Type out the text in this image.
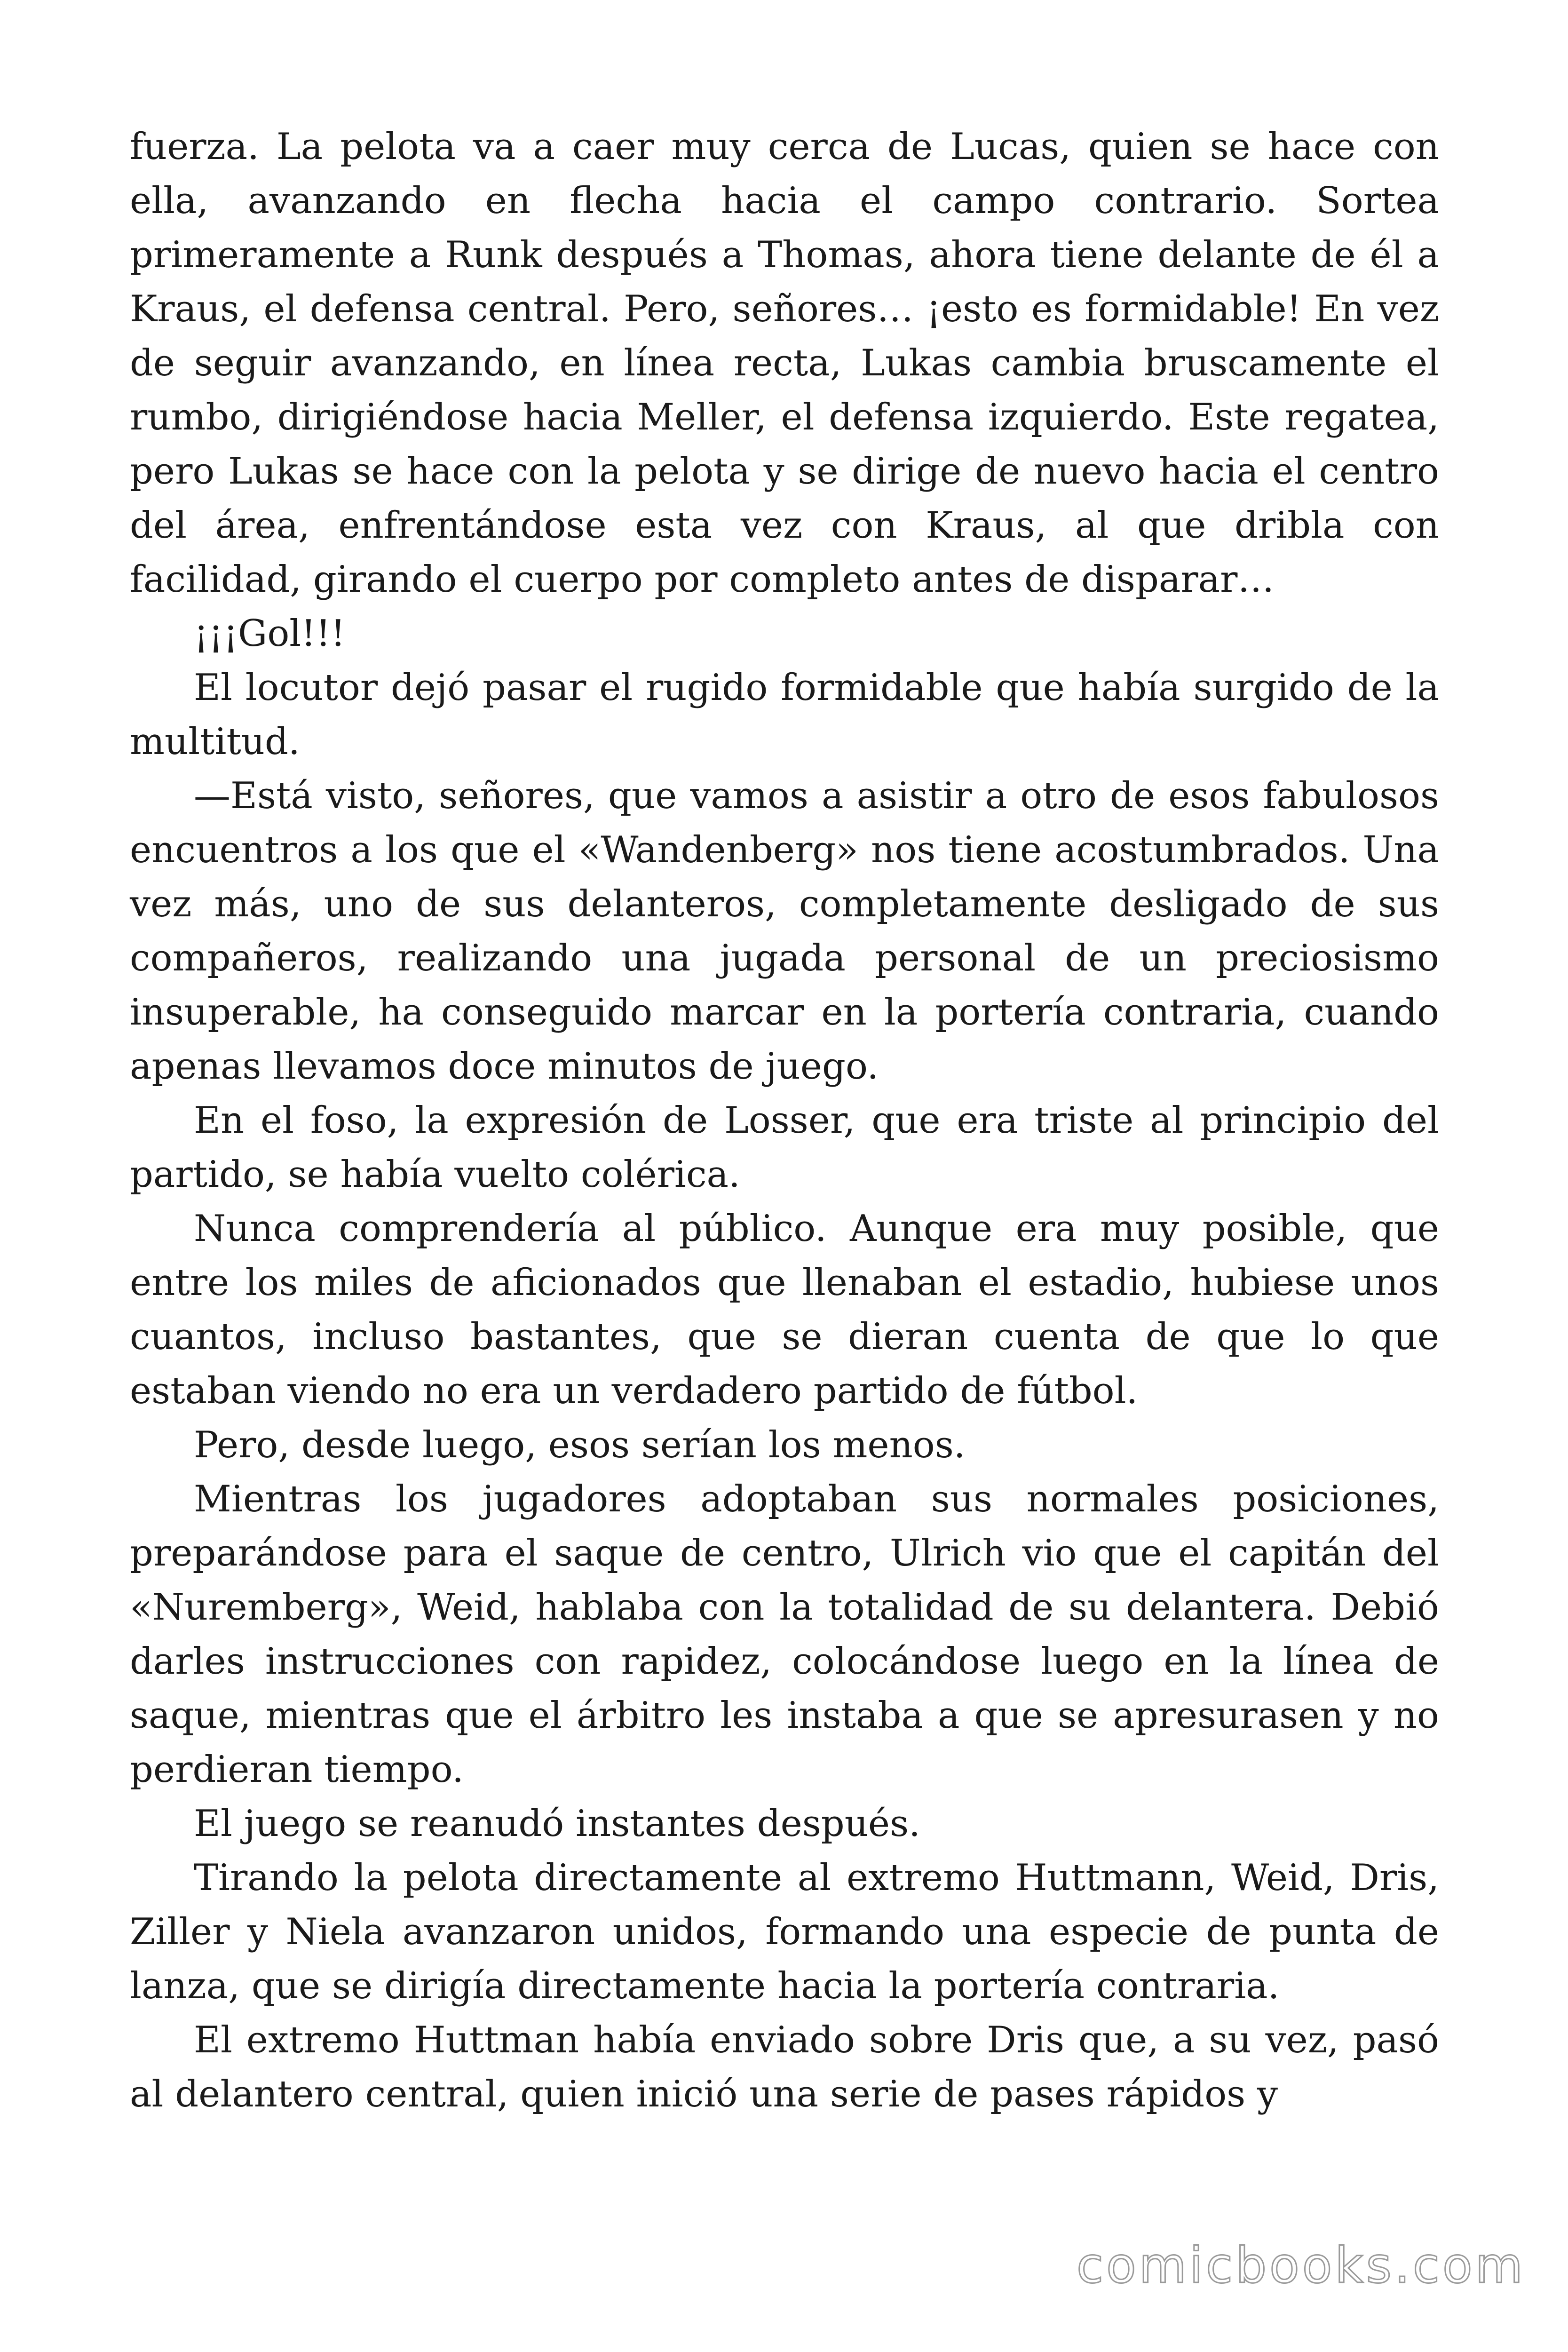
fuerza. La pelota va a caer muy cerca de Lucas, quien se hace con ella, avanzando en flecha hacia el campo contrario. Sortea primeramente a Runk después a Thomas, ahora tiene delante de él a Kraus, el defensa central. Pero, señores… ¡esto es formidable! En vez de seguir avanzando, en línea recta, Lukas cambia bruscamente el rumbo, dirigiéndose hacia Meller, el defensa izquierdo. Este regatea, pero Lukas se hace con la pelota y se dirige de nuevo hacia el centro del área, enfrentándose esta vez con Kraus, al que dribla con facilidad, girando el cuerpo por completo antes de disparar…

¡¡¡Gol!!!

El locutor dejó pasar el rugido formidable que había surgido de la multitud.

—Está visto, señores, que vamos a asistir a otro de esos fabulosos encuentros a los que el «Wandenberg» nos tiene acostumbrados. Una vez más, uno de sus delanteros, completamente desligado de sus compañeros, realizando una jugada personal de un preciosismo insuperable, ha conseguido marcar en la portería contraria, cuando apenas llevamos doce minutos de juego.

En el foso, la expresión de Losser, que era triste al principio del partido, se había vuelto colérica.

Nunca comprendería al público. Aunque era muy posible, que entre los miles de aficionados que llenaban el estadio, hubiese unos cuantos, incluso bastantes, que se dieran cuenta de que lo que estaban viendo no era un verdadero partido de fútbol.

Pero, desde luego, esos serían los menos.

Mientras los jugadores adoptaban sus normales posiciones, preparándose para el saque de centro, Ulrich vio que el capitán del «Nuremberg», Weid, hablaba con la totalidad de su delantera. Debió darles instrucciones con rapidez, colocándose luego en la línea de saque, mientras que el árbitro les instaba a que se apresurasen y no perdieran tiempo.

El juego se reanudó instantes después.

Tirando la pelota directamente al extremo Huttmann, Weid, Dris, Ziller y Niela avanzaron unidos, formando una especie de punta de lanza, que se dirigía directamente hacia la portería contraria.

El extremo Huttman había enviado sobre Dris que, a su vez, pasó al delantero central, quien inició una serie de pases rápidos y

comicbooks.com
